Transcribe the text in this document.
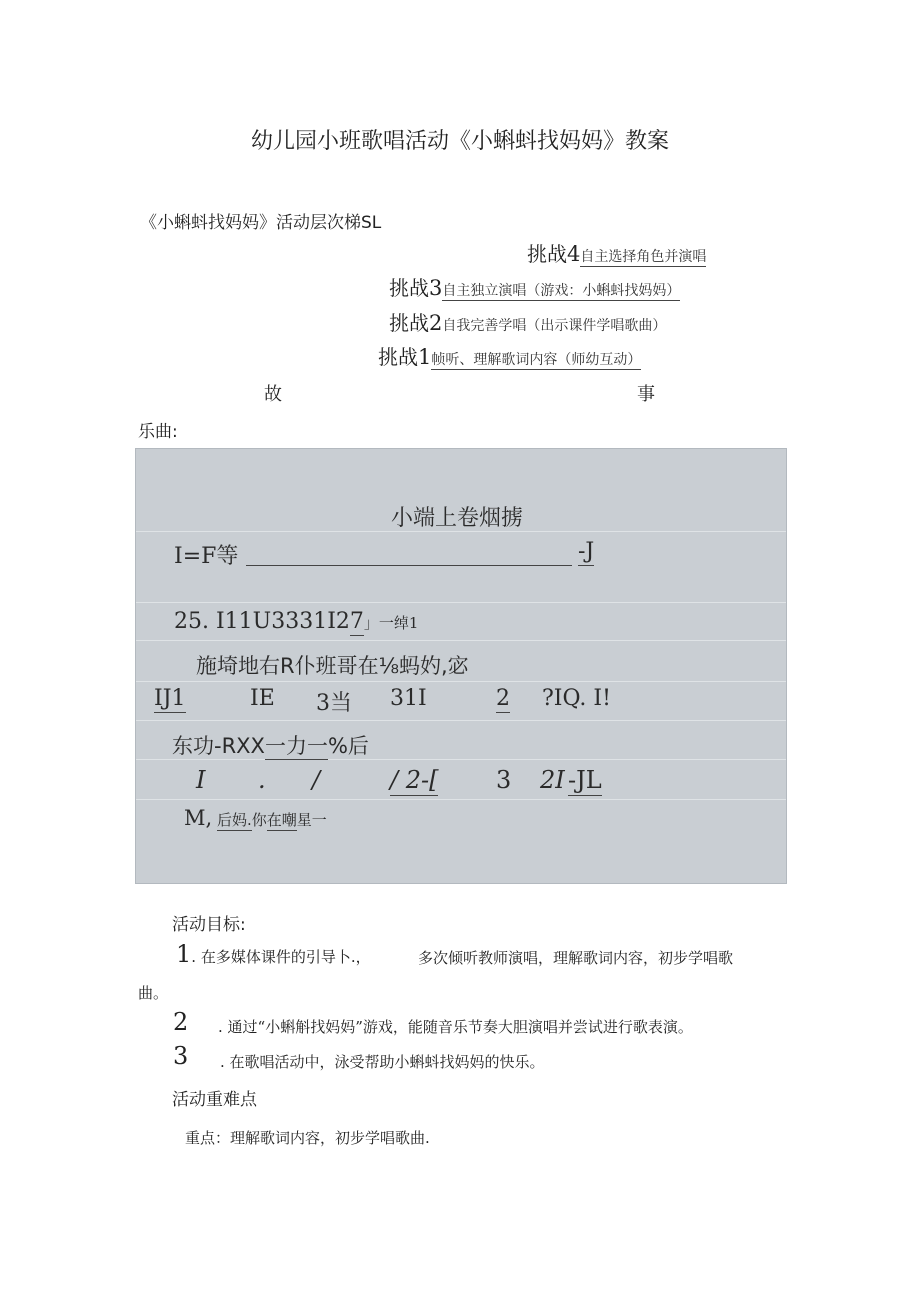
幼儿园小班歌唱活动《小蝌蚪找妈妈》教案
《小蝌蚪找妈妈》活动层次梯SL
挑战4自主选择角色并演唱
挑战3自主独立演唱（游戏：小蝌蚪找妈妈）
挑战2自我完善学唱（出示课件学唱歌曲）
挑战1帧听、理解歌词内容（师幼互动）
故	事
乐曲:
小端上卷烟掳
I=F等	-J
25. I11U3331I27」一绰1
施埼地右R仆班哥在⅛蚂妁,宓
IJ1	IE 3当 31I	2 ?IQ. I!
东功-RXX一力一%后
I . /	/ 2-[ 3 2I -JL
M, 后妈.你在嘲星一
活动目标:
1. 在多媒体课件的引导卜.，	多次倾听教师演唱，理解歌词内容，初步学唱歌
曲。
2 . 通过“小蝌斛找妈妈”游戏，能随音乐节奏大胆演唱并尝试进行歌表演。
3 . 在歌唱活动中，泳受帮助小蝌蚪找妈妈的快乐。
活动重难点
重点：理解歌词内容，初步学唱歌曲.
